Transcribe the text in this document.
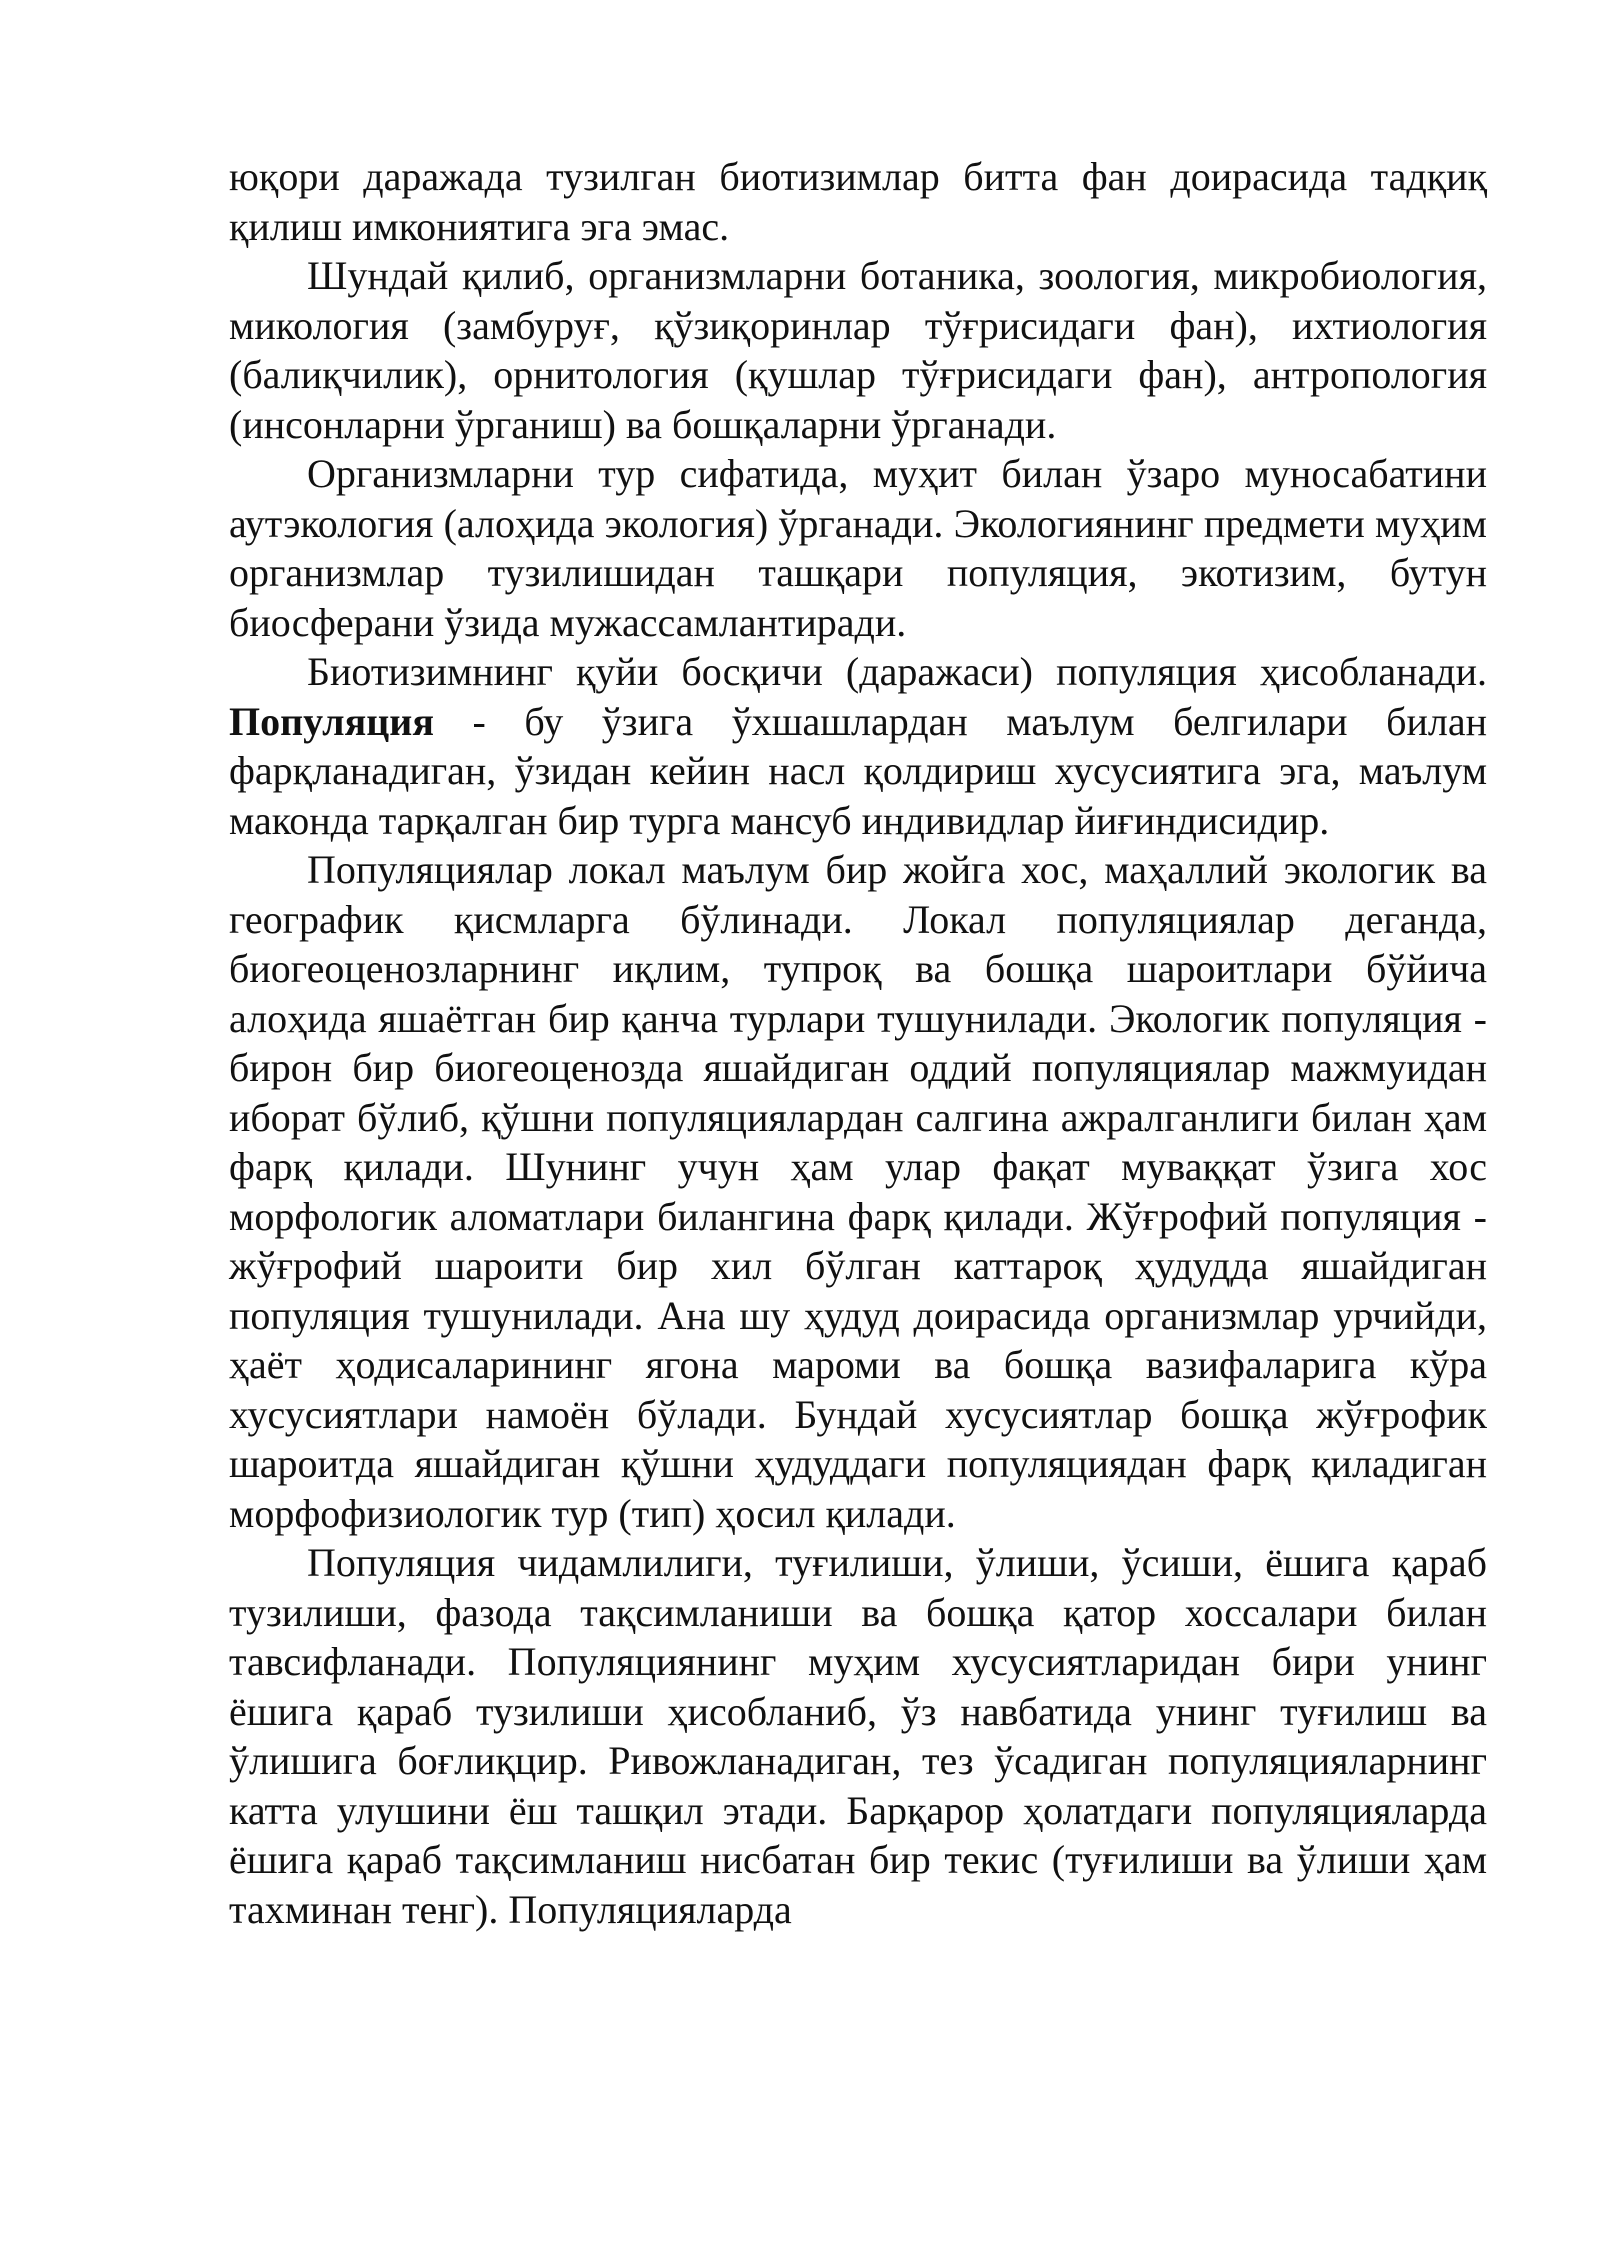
юқори даражада тузилган биотизимлар битта фан доирасида тадқиқ қилиш имкониятига эга эмас.

Шундай қилиб, организмларни ботаника, зоология, микробиология, микология (замбуруғ, қўзиқоринлар тўғрисидаги фан), ихтиология (балиқчилик), орнитология (қушлар тўғрисидаги фан), антропология (инсонларни ўрганиш) ва бошқаларни ўрганади.

Организмларни тур сифатида, муҳит билан ўзаро муносабатини аутэкология (алоҳида экология) ўрганади. Экологиянинг предмети муҳим организмлар тузилишидан ташқари популяция, экотизим, бутун биосферани ўзида мужассамлантиради.

Биотизимнинг қуйи босқичи (даражаси) популяция ҳисобланади. Популяция - бу ўзига ўхшашлардан маълум белгилари билан фарқланадиган, ўзидан кейин насл қолдириш хусусиятига эга, маълум маконда тарқалган бир турга мансуб индивидлар йиғиндисидир.

Популяциялар локал маълум бир жойга хос, маҳаллий экологик ва географик қисмларга бўлинади. Локал популяциялар деганда, биогеоценозларнинг иқлим, тупроқ ва бошқа шароитлари бўйича алоҳида яшаётган бир қанча турлари тушунилади. Экологик популяция - бирон бир биогеоценозда яшайдиган оддий популяциялар мажмуидан иборат бўлиб, қўшни популяциялардан салгина ажралганлиги билан ҳам фарқ қилади. Шунинг учун ҳам улар фақат муваққат ўзига хос морфологик аломатлари билангина фарқ қилади. Жўғрофий популяция - жўғрофий шароити бир хил бўлган каттароқ ҳудудда яшайдиган популяция тушунилади. Ана шу ҳудуд доирасида организмлар урчийди, ҳаёт ҳодисаларининг ягона мароми ва бошқа вазифаларига кўра хусусиятлари намоён бўлади. Бундай хусусиятлар бошқа жўғрофик шароитда яшайдиган қўшни ҳудуддаги популяциядан фарқ қиладиган морфофизиологик тур (тип) ҳосил қилади.

Популяция чидамлилиги, туғилиши, ўлиши, ўсиши, ёшига қараб тузилиши, фазода тақсимланиши ва бошқа қатор хоссалари билан тавсифланади. Популяциянинг муҳим хусусиятларидан бири унинг ёшига қараб тузилиши ҳисобланиб, ўз навбатида унинг туғилиш ва ўлишига боғлиқцир. Ривожланадиган, тез ўсадиган популяцияларнинг катта улушини ёш ташқил этади. Барқарор ҳолатдаги популяцияларда ёшига қараб тақсимланиш нисбатан бир текис (туғилиши ва ўлиши ҳам тахминан тенг). Популяцияларда
